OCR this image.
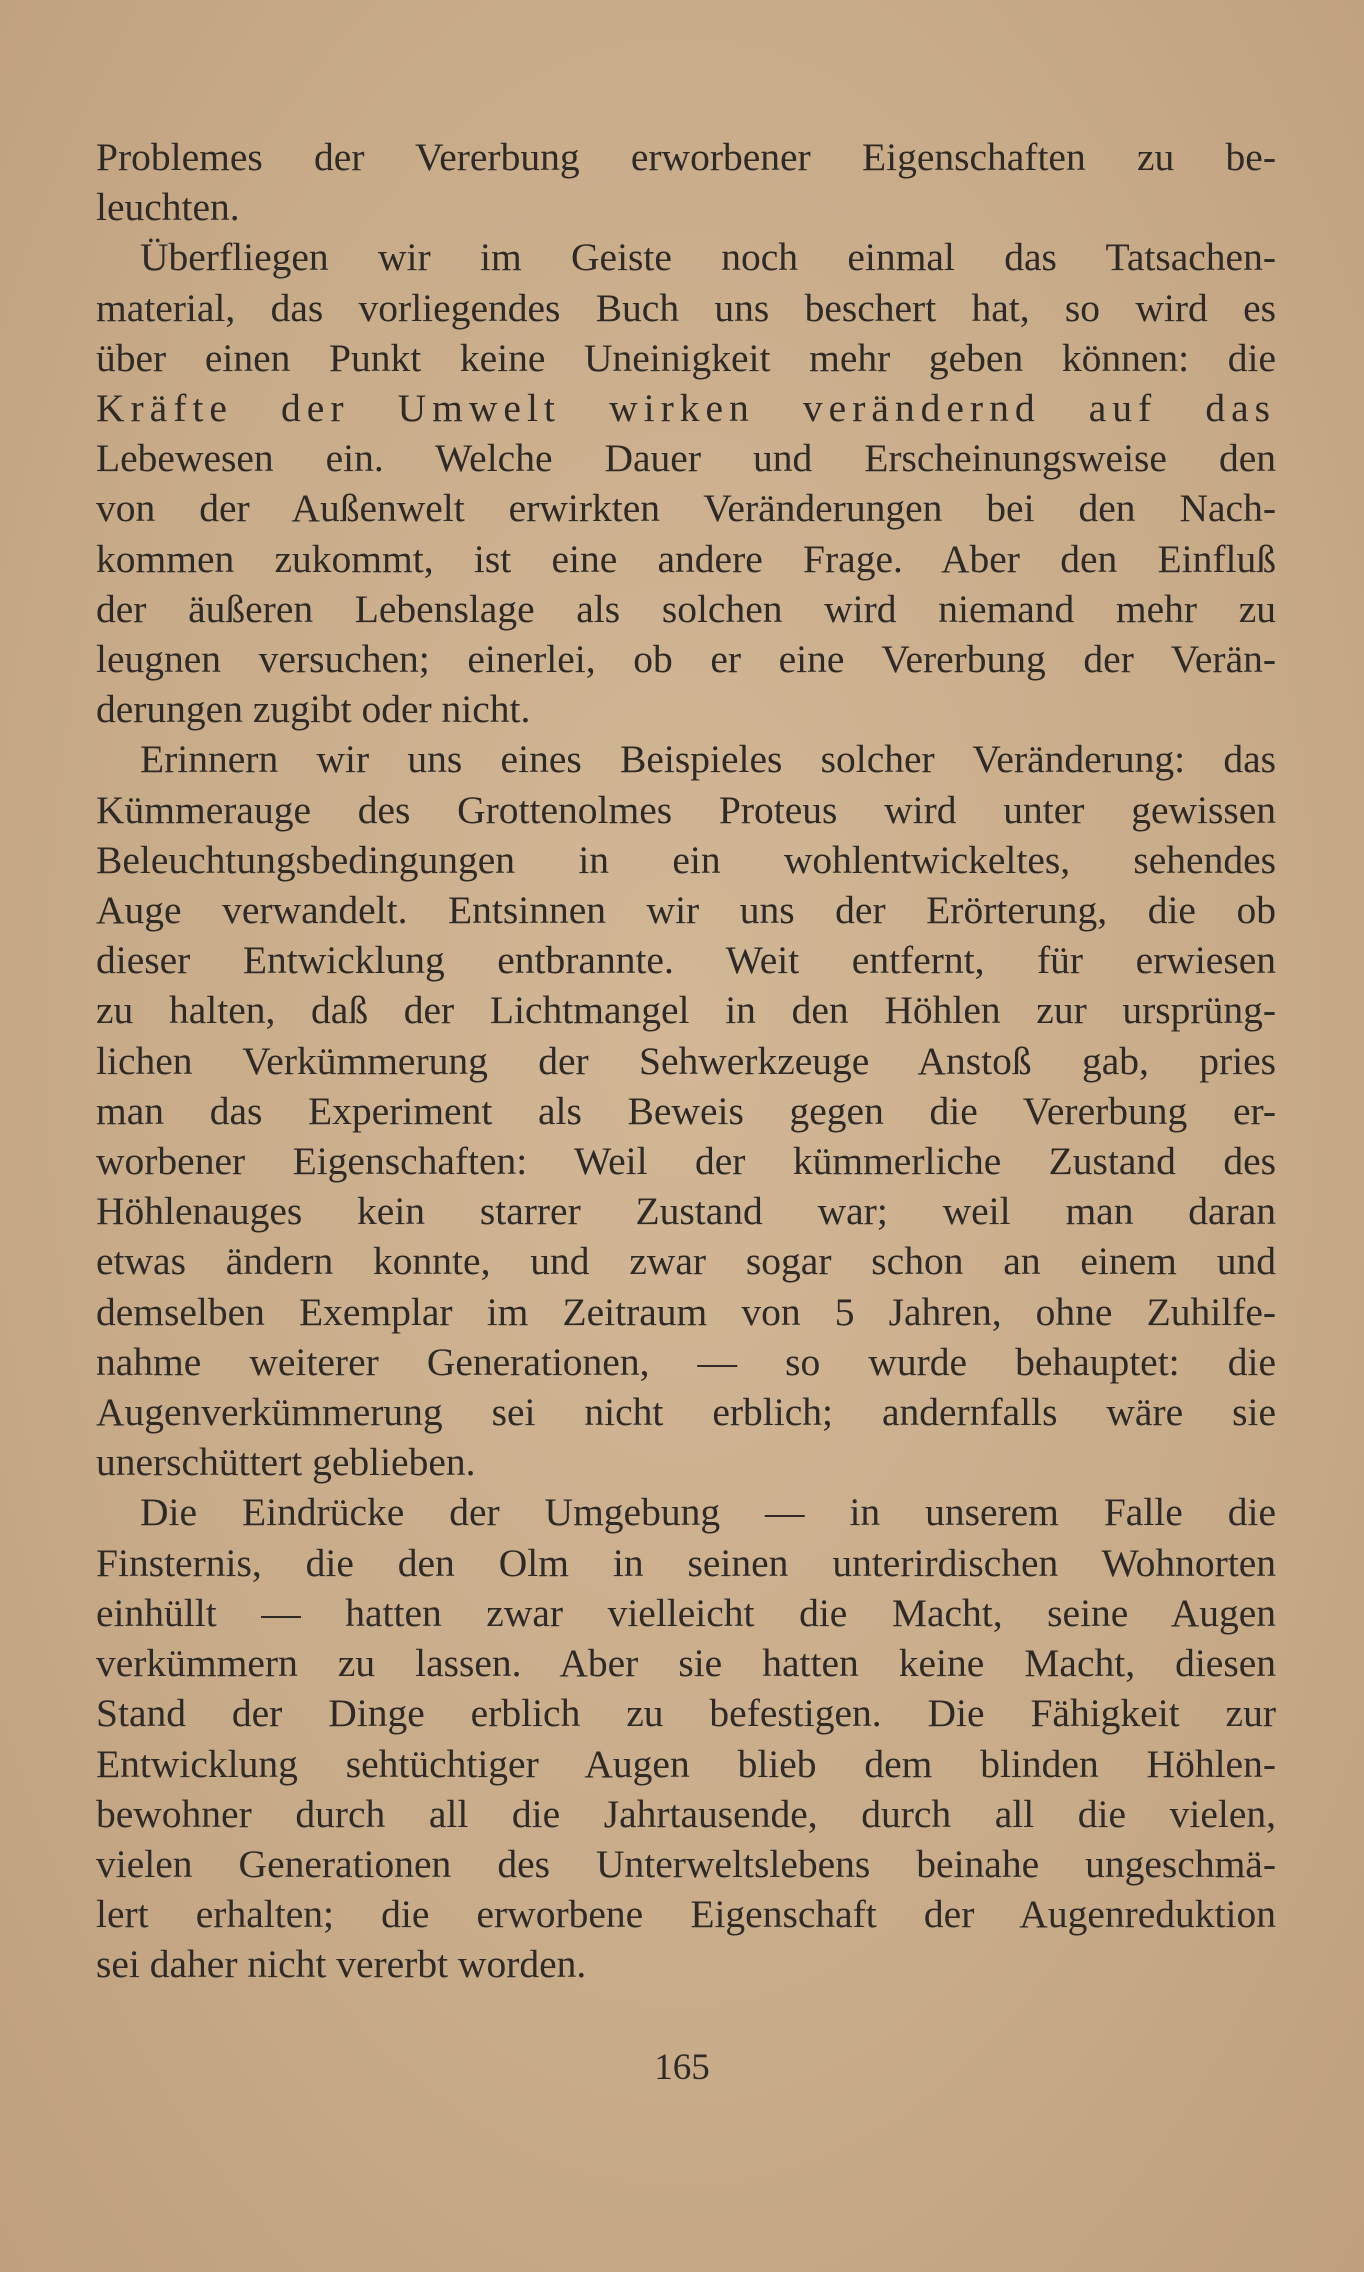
Problemes der Vererbung erworbener Eigenschaften zu be-
leuchten.

Überfliegen wir im Geiste noch einmal das Tatsachen-
material, das vorliegendes Buch uns beschert hat, so wird es
über einen Punkt keine Uneinigkeit mehr geben können: die
Kräfte der Umwelt wirken verändernd auf das
Lebewesen ein. Welche Dauer und Erscheinungsweise den
von der Außenwelt erwirkten Veränderungen bei den Nach-
kommen zukommt, ist eine andere Frage. Aber den Einfluß
der äußeren Lebenslage als solchen wird niemand mehr zu
leugnen versuchen; einerlei, ob er eine Vererbung der Verän-
derungen zugibt oder nicht.

Erinnern wir uns eines Beispieles solcher Veränderung: das
Kümmerauge des Grottenolmes Proteus wird unter gewissen
Beleuchtungsbedingungen in ein wohlentwickeltes, sehendes
Auge verwandelt. Entsinnen wir uns der Erörterung, die ob
dieser Entwicklung entbrannte. Weit entfernt, für erwiesen
zu halten, daß der Lichtmangel in den Höhlen zur ursprüng-
lichen Verkümmerung der Sehwerkzeuge Anstoß gab, pries
man das Experiment als Beweis gegen die Vererbung er-
worbener Eigenschaften: Weil der kümmerliche Zustand des
Höhlenauges kein starrer Zustand war; weil man daran
etwas ändern konnte, und zwar sogar schon an einem und
demselben Exemplar im Zeitraum von 5 Jahren, ohne Zuhilfe-
nahme weiterer Generationen, — so wurde behauptet: die
Augenverkümmerung sei nicht erblich; andernfalls wäre sie
unerschüttert geblieben.

Die Eindrücke der Umgebung — in unserem Falle die
Finsternis, die den Olm in seinen unterirdischen Wohnorten
einhüllt — hatten zwar vielleicht die Macht, seine Augen
verkümmern zu lassen. Aber sie hatten keine Macht, diesen
Stand der Dinge erblich zu befestigen. Die Fähigkeit zur
Entwicklung sehtüchtiger Augen blieb dem blinden Höhlen-
bewohner durch all die Jahrtausende, durch all die vielen,
vielen Generationen des Unterweltslebens beinahe ungeschmä-
lert erhalten; die erworbene Eigenschaft der Augenreduktion
sei daher nicht vererbt worden.

165
